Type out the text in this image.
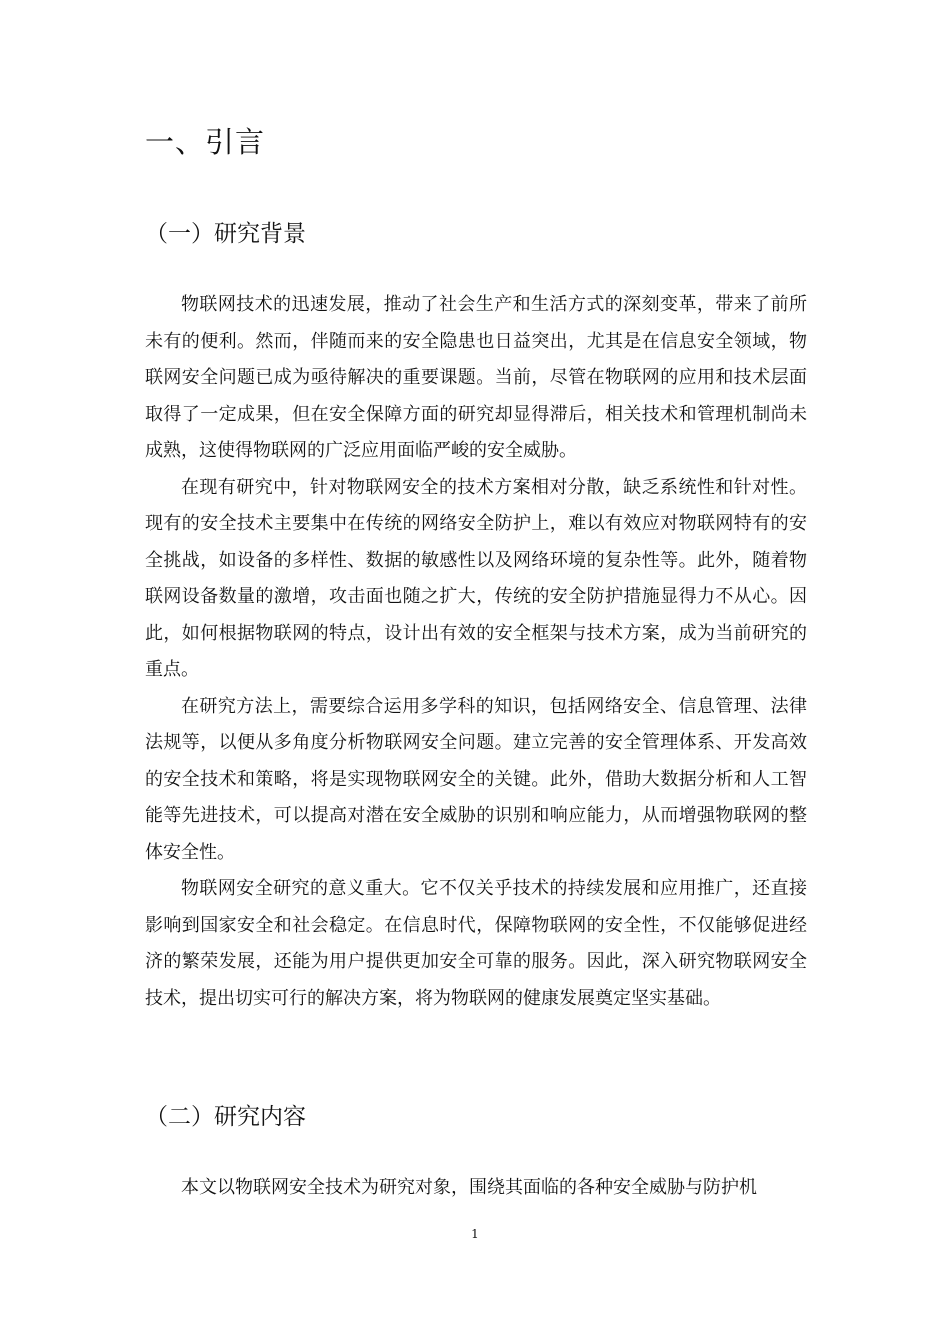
一、引言
（一）研究背景

物联网技术的迅速发展，推动了社会生产和生活方式的深刻变革，带来了前所未有的便利。然而，伴随而来的安全隐患也日益突出，尤其是在信息安全领域，物联网安全问题已成为亟待解决的重要课题。当前，尽管在物联网的应用和技术层面取得了一定成果，但在安全保障方面的研究却显得滞后，相关技术和管理机制尚未成熟，这使得物联网的广泛应用面临严峻的安全威胁。

在现有研究中，针对物联网安全的技术方案相对分散，缺乏系统性和针对性。现有的安全技术主要集中在传统的网络安全防护上，难以有效应对物联网特有的安全挑战，如设备的多样性、数据的敏感性以及网络环境的复杂性等。此外，随着物联网设备数量的激增，攻击面也随之扩大，传统的安全防护措施显得力不从心。因此，如何根据物联网的特点，设计出有效的安全框架与技术方案，成为当前研究的重点。

在研究方法上，需要综合运用多学科的知识，包括网络安全、信息管理、法律法规等，以便从多角度分析物联网安全问题。建立完善的安全管理体系、开发高效的安全技术和策略，将是实现物联网安全的关键。此外，借助大数据分析和人工智能等先进技术，可以提高对潜在安全威胁的识别和响应能力，从而增强物联网的整体安全性。

物联网安全研究的意义重大。它不仅关乎技术的持续发展和应用推广，还直接影响到国家安全和社会稳定。在信息时代，保障物联网的安全性，不仅能够促进经济的繁荣发展，还能为用户提供更加安全可靠的服务。因此，深入研究物联网安全技术，提出切实可行的解决方案，将为物联网的健康发展奠定坚实基础。

（二）研究内容

本文以物联网安全技术为研究对象，围绕其面临的各种安全威胁与防护机

1
